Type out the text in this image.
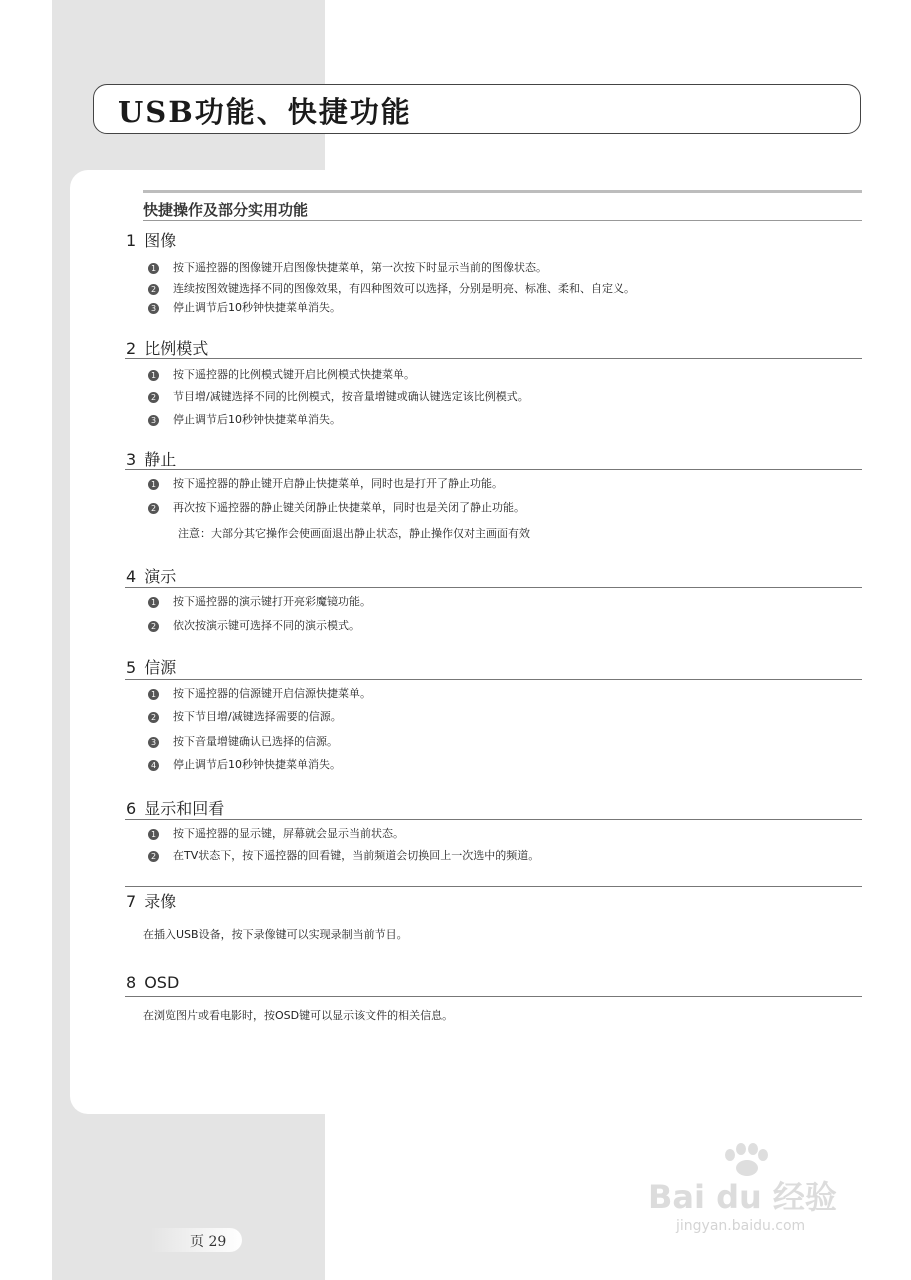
USB功能、快捷功能
快捷操作及部分实用功能
1 图像
1 按下遥控器的图像键开启图像快捷菜单，第一次按下时显示当前的图像状态。
2 连续按图效键选择不同的图像效果，有四种图效可以选择，分别是明亮、标准、柔和、自定义。
3 停止调节后10秒钟快捷菜单消失。
2 比例模式
1 按下遥控器的比例模式键开启比例模式快捷菜单。
2 节目增/减键选择不同的比例模式，按音量增键或确认键选定该比例模式。
3 停止调节后10秒钟快捷菜单消失。
3 静止
1 按下遥控器的静止键开启静止快捷菜单，同时也是打开了静止功能。
2 再次按下遥控器的静止键关闭静止快捷菜单，同时也是关闭了静止功能。
注意：大部分其它操作会使画面退出静止状态，静止操作仅对主画面有效
4 演示
1 按下遥控器的演示键打开亮彩魔镜功能。
2 依次按演示键可选择不同的演示模式。
5 信源
1 按下遥控器的信源键开启信源快捷菜单。
2 按下节目增/减键选择需要的信源。
3 按下音量增键确认已选择的信源。
4 停止调节后10秒钟快捷菜单消失。
6 显示和回看
1 按下遥控器的显示键，屏幕就会显示当前状态。
2 在TV状态下，按下遥控器的回看键，当前频道会切换回上一次选中的频道。
7 录像
在插入USB设备，按下录像键可以实现录制当前节目。
8 OSD
在浏览图片或看电影时，按OSD键可以显示该文件的相关信息。
页 29
Bai du 经验
jingyan.baidu.com
